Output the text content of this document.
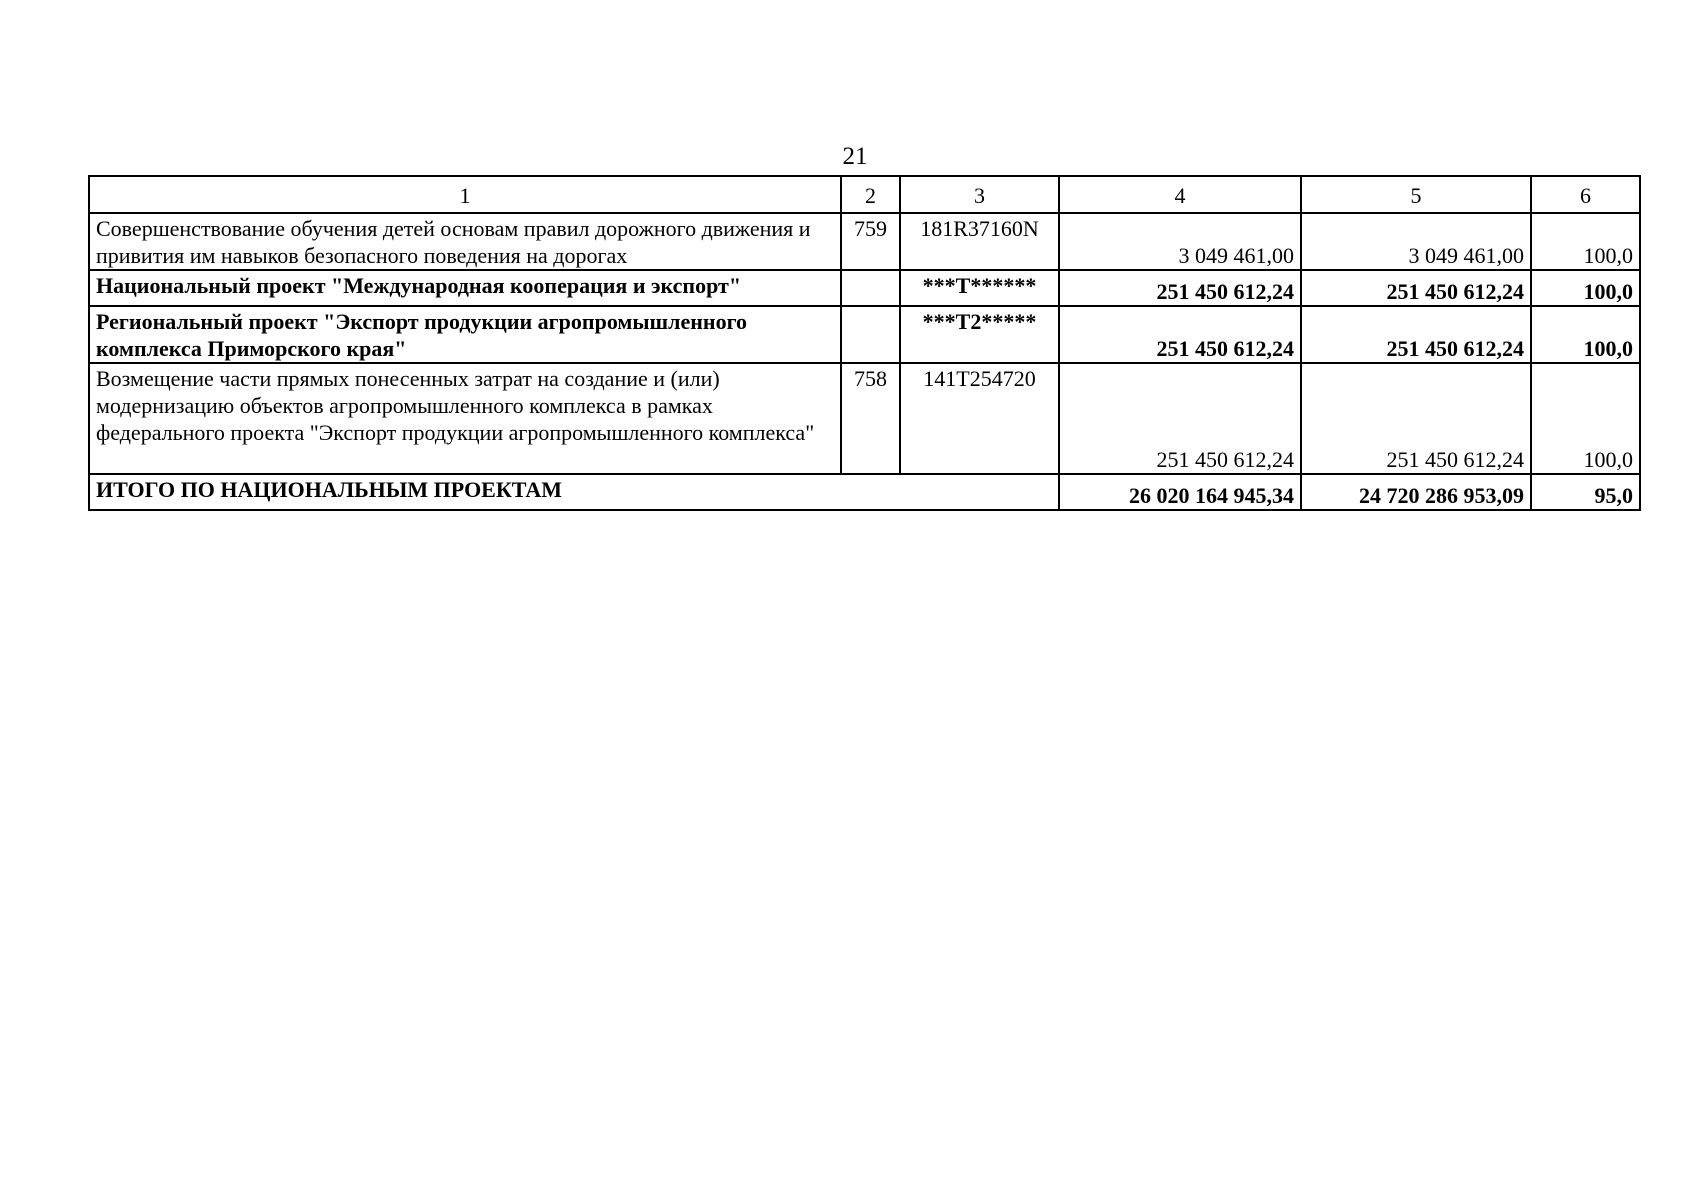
21
1	2	3	4	5	6
Совершенствование обучения детей основам правил дорожного движения и привития им навыков безопасного поведения на дорогах	759	181R37160N	3 049 461,00	3 049 461,00	100,0
Национальный проект "Международная кооперация и экспорт"		***T******	251 450 612,24	251 450 612,24	100,0
Региональный проект "Экспорт продукции агропромышленного комплекса Приморского края"		***T2*****	251 450 612,24	251 450 612,24	100,0
Возмещение части прямых понесенных затрат на создание и (или) модернизацию объектов агропромышленного комплекса в рамках федерального проекта "Экспорт продукции агропромышленного комплекса"	758	141T254720	251 450 612,24	251 450 612,24	100,0
ИТОГО ПО НАЦИОНАЛЬНЫМ ПРОЕКТАМ			26 020 164 945,34	24 720 286 953,09	95,0
